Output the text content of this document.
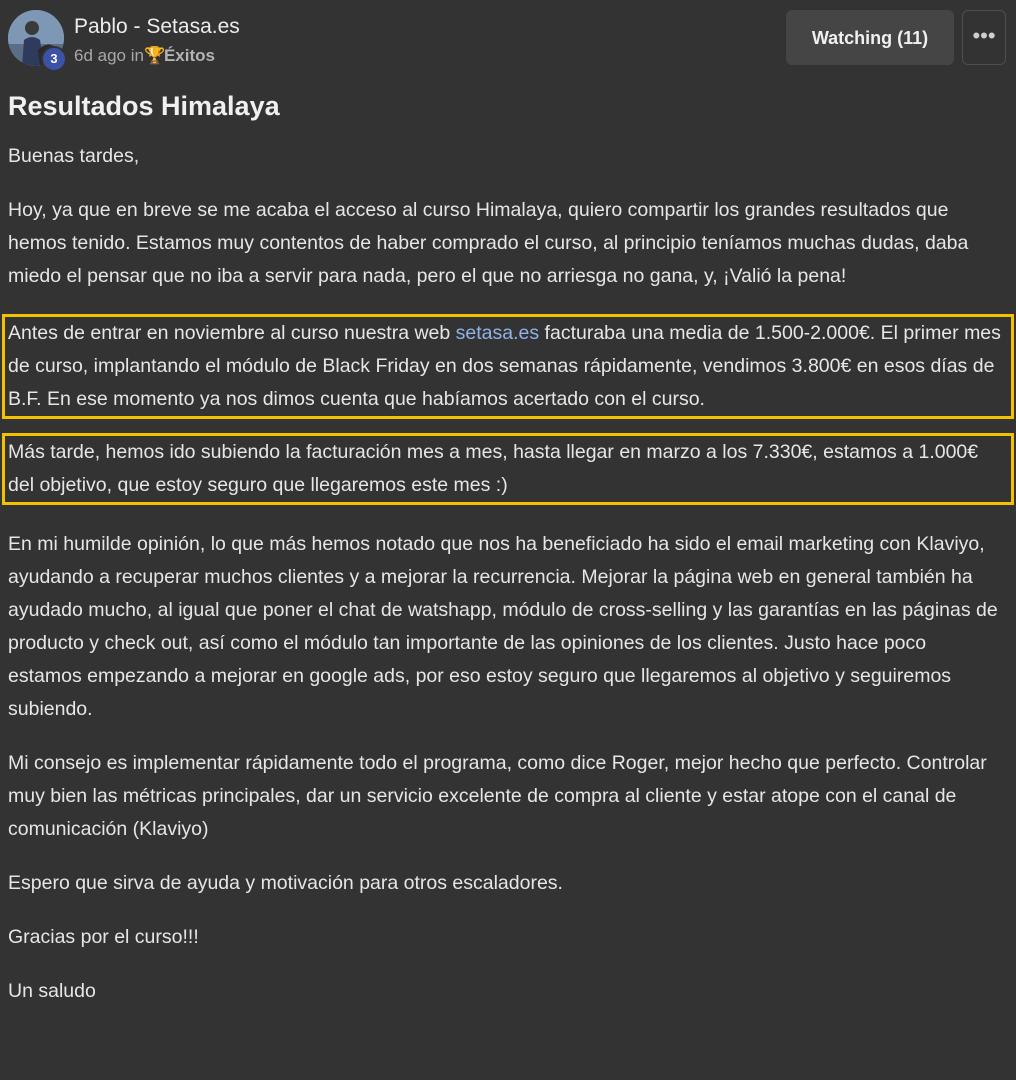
3
Pablo - Setasa.es
6d ago in🏆Éxitos
Watching (11)	•••
Resultados Himalaya

Buenas tardes,

Hoy, ya que en breve se me acaba el acceso al curso Himalaya, quiero compartir los grandes resultados que hemos tenido. Estamos muy contentos de haber comprado el curso, al principio teníamos muchas dudas, daba miedo el pensar que no iba a servir para nada, pero el que no arriesga no gana, y, ¡Valió la pena!

Antes de entrar en noviembre al curso nuestra web setasa.es facturaba una media de 1.500-2.000€. El primer mes de curso, implantando el módulo de Black Friday en dos semanas rápidamente, vendimos 3.800€ en esos días de B.F. En ese momento ya nos dimos cuenta que habíamos acertado con el curso.

Más tarde, hemos ido subiendo la facturación mes a mes, hasta llegar en marzo a los 7.330€, estamos a 1.000€ del objetivo, que estoy seguro que llegaremos este mes :)

En mi humilde opinión, lo que más hemos notado que nos ha beneficiado ha sido el email marketing con Klaviyo, ayudando a recuperar muchos clientes y a mejorar la recurrencia. Mejorar la página web en general también ha ayudado mucho, al igual que poner el chat de watshapp, módulo de cross-selling y las garantías en las páginas de producto y check out, así como el módulo tan importante de las opiniones de los clientes. Justo hace poco estamos empezando a mejorar en google ads, por eso estoy seguro que llegaremos al objetivo y seguiremos subiendo.

Mi consejo es implementar rápidamente todo el programa, como dice Roger, mejor hecho que perfecto. Controlar muy bien las métricas principales, dar un servicio excelente de compra al cliente y estar atope con el canal de comunicación (Klaviyo)

Espero que sirva de ayuda y motivación para otros escaladores.

Gracias por el curso!!!

Un saludo
